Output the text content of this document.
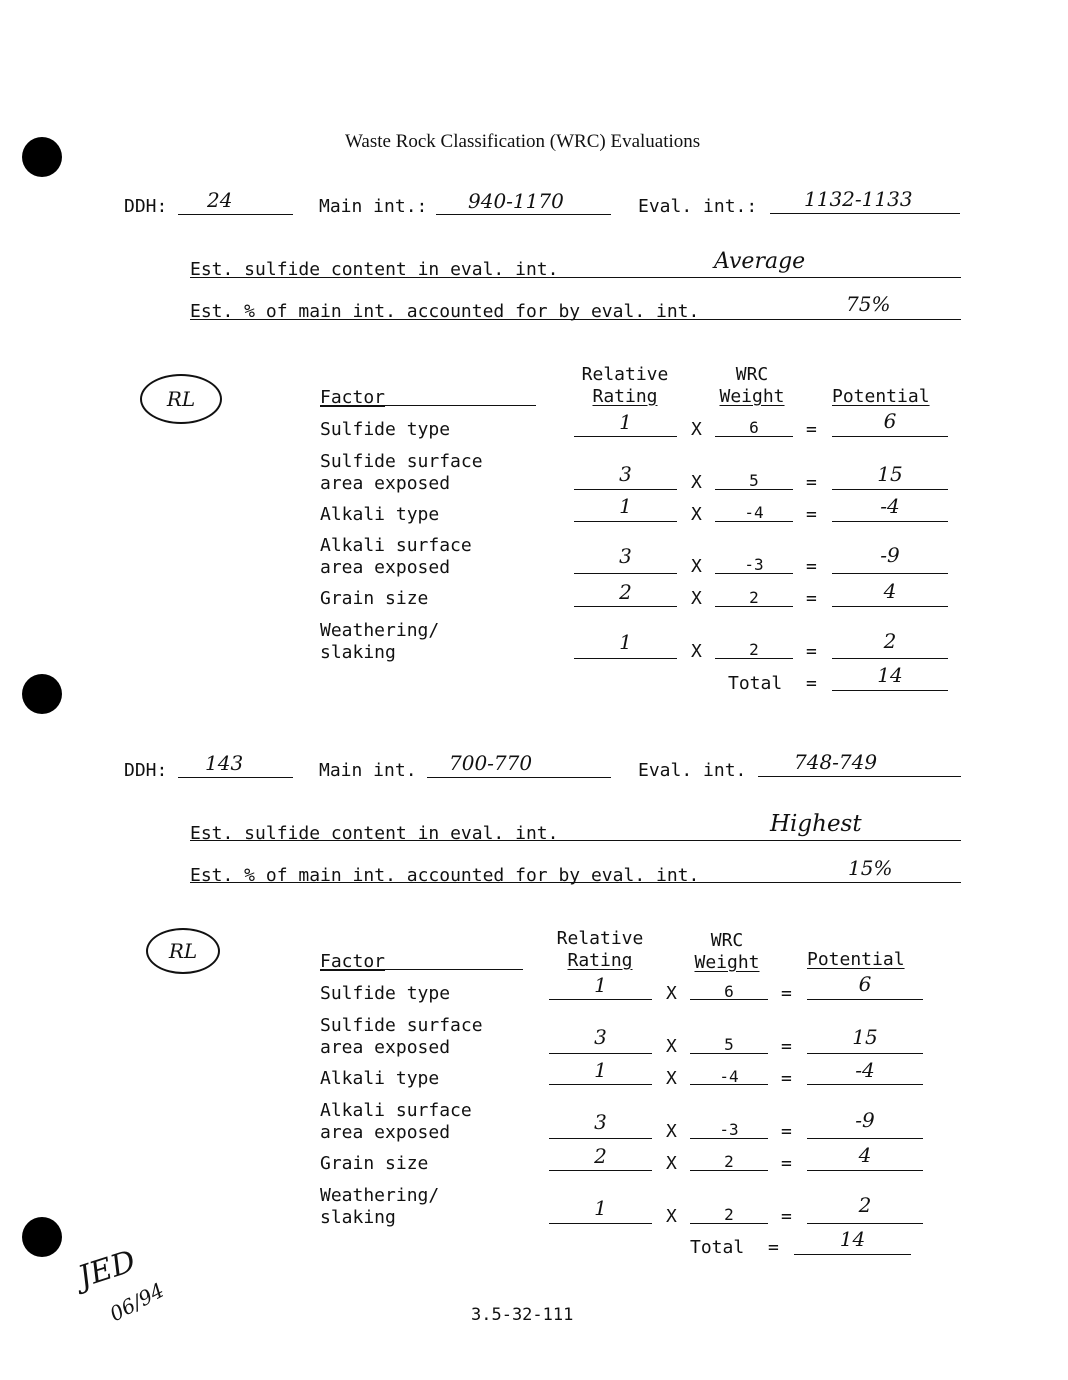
Waste Rock Classification (WRC) Evaluations
DDH: 24	Main int.: 940-1170	Eval. int.: 1132-1133
Est. sulfide content in eval. int.	Average
Est. % of main int. accounted for by eval. int.	75%
RL	Factor
Relative
Rating
WRC
Weight	Potential
Sulfide type	1	X	6	=	6
Sulfide surface
area exposed	3	X	5	=	15
Alkali type	1	X	-4	=	-4
Alkali surface
area exposed	3	X	-3	=	-9
Grain size	2	X	2	=	4
Weathering/
slaking	1	X	2	=	2
Total =	14
DDH: 143	Main int. 700-770	Eval. int. 748-749
Est. sulfide content in eval. int.	Highest
Est. % of main int. accounted for by eval. int.	15%
RL	Factor
Relative
Rating
WRC
Weight	Potential
Sulfide type	1	X	6	=	6
Sulfide surface
area exposed	3	X	5	=	15
Alkali type	1	X	-4	=	-4
Alkali surface
area exposed	3	X	-3	=	-9
Grain size	2	X	2	=	4
Weathering/
slaking	1	X	2	=	2
Total =	14
JED
06/94	3.5-32-111
